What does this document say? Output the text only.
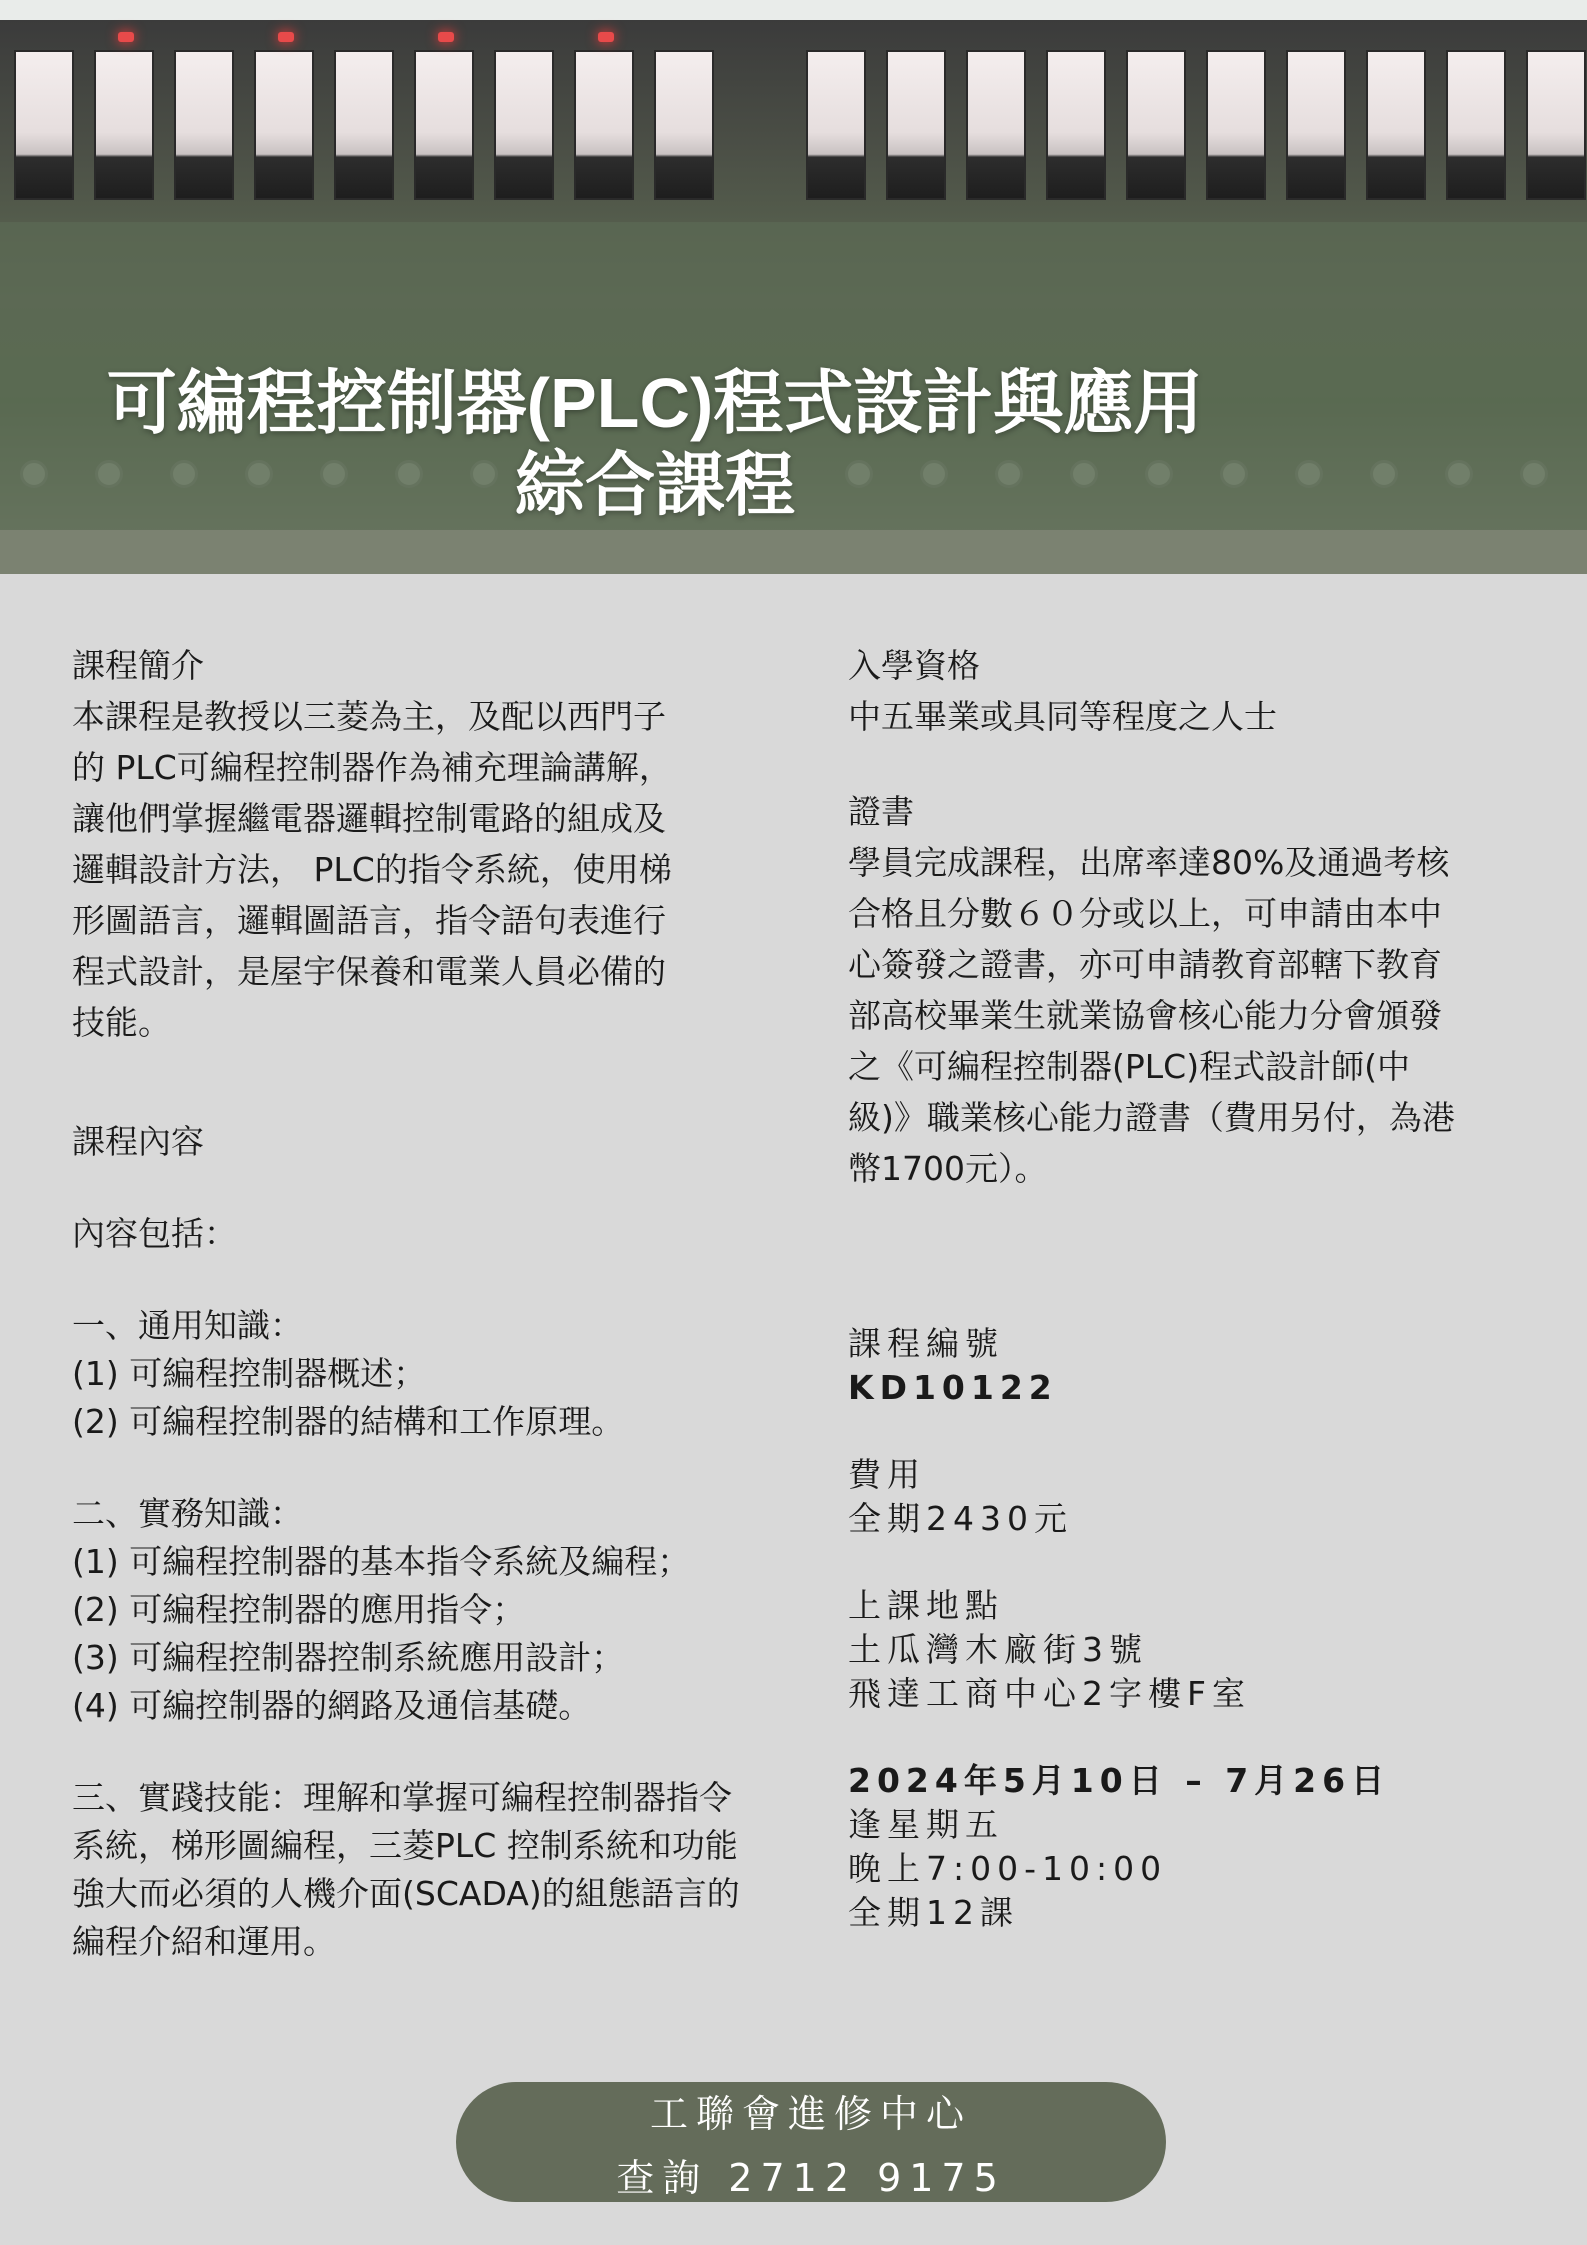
可編程控制器(PLC)程式設計與應用
綜合課程
課程簡介
本課程是教授以三菱為主，及配以西門子
的 PLC可編程控制器作為補充理論講解，
讓他們掌握繼電器邏輯控制電路的組成及
邏輯設計方法， PLC的指令系統，使用梯
形圖語言，邏輯圖語言，指令語句表進行
程式設計，是屋宇保養和電業人員必備的
技能。
課程內容
內容包括：
一、通用知識：
(1) 可編程控制器概述；
(2) 可編程控制器的結構和工作原理。
二、實務知識：
(1) 可編程控制器的基本指令系統及編程；
(2) 可編程控制器的應用指令；
(3) 可編程控制器控制系統應用設計；
(4) 可編控制器的網路及通信基礎。
三、實踐技能：理解和掌握可編程控制器指令
系統，梯形圖編程，三菱PLC 控制系統和功能
強大而必須的人機介面(SCADA)的組態語言的
編程介紹和運用。
入學資格
中五畢業或具同等程度之人士
證書
學員完成課程，出席率達80%及通過考核
合格且分數６０分或以上，可申請由本中
心簽發之證書，亦可申請教育部轄下教育
部高校畢業生就業協會核心能力分會頒發
之《可編程控制器(PLC)程式設計師(中
級)》職業核心能力證書（費用另付，為港
幣1700元）。
課程編號
KD10122
費用
全期2430元
上課地點
土瓜灣木廠街3號
飛達工商中心2字樓F室
2024年5月10日 – 7月26日
逢星期五
晚上7:00-10:00
全期12課
工聯會進修中心
查詢 2712 9175
